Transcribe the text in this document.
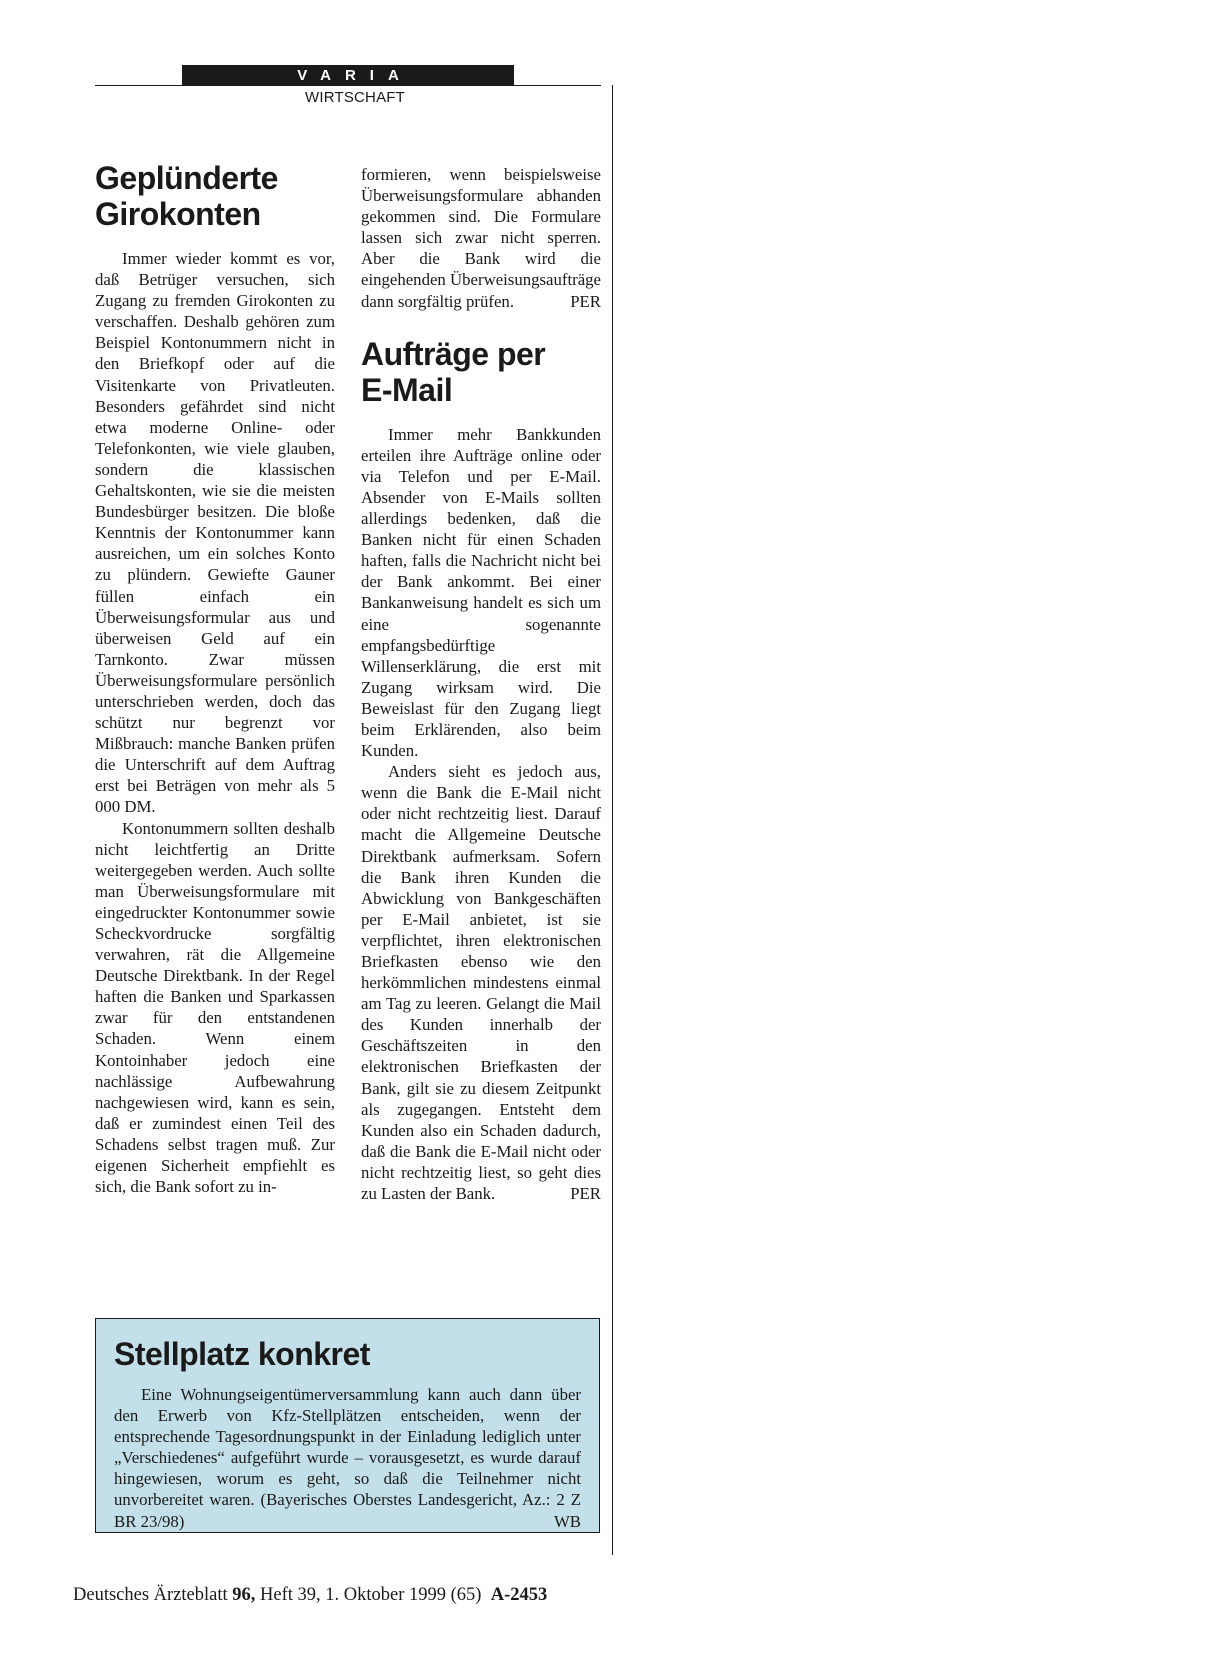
VARIA
WIRTSCHAFT
Geplünderte
Girokonten

Immer wieder kommt es vor, daß Betrüger versuchen, sich Zugang zu fremden Girokonten zu verschaffen. Deshalb gehören zum Beispiel Kontonummern nicht in den Briefkopf oder auf die Visitenkarte von Privatleuten. Besonders gefährdet sind nicht etwa moderne Online- oder Telefonkonten, wie viele glauben, sondern die klassischen Gehaltskonten, wie sie die meisten Bundesbürger besitzen. Die bloße Kenntnis der Kontonummer kann ausreichen, um ein solches Konto zu plündern. Gewiefte Gauner füllen einfach ein Überweisungsformular aus und überweisen Geld auf ein Tarnkonto. Zwar müssen Überweisungsformulare persönlich unterschrieben werden, doch das schützt nur begrenzt vor Mißbrauch: manche Banken prüfen die Unterschrift auf dem Auftrag erst bei Beträgen von mehr als 5 000 DM.

Kontonummern sollten deshalb nicht leichtfertig an Dritte weitergegeben werden. Auch sollte man Überweisungsformulare mit eingedruckter Kontonummer sowie Scheckvordrucke sorgfältig verwahren, rät die Allgemeine Deutsche Direktbank. In der Regel haften die Banken und Sparkassen zwar für den entstandenen Schaden. Wenn einem Kontoinhaber jedoch eine nachlässige Aufbewahrung nachgewiesen wird, kann es sein, daß er zumindest einen Teil des Schadens selbst tragen muß. Zur eigenen Sicherheit empfiehlt es sich, die Bank sofort zu in-

formieren, wenn beispielsweise Überweisungsformulare abhanden gekommen sind. Die Formulare lassen sich zwar nicht sperren. Aber die Bank wird die eingehenden Überweisungsaufträge dann sorgfältig prüfen.	PER

Aufträge per
E-Mail

Immer mehr Bankkunden erteilen ihre Aufträge online oder via Telefon und per E-Mail. Absender von E-Mails sollten allerdings bedenken, daß die Banken nicht für einen Schaden haften, falls die Nachricht nicht bei der Bank ankommt. Bei einer Bankanweisung handelt es sich um eine sogenannte empfangsbedürftige Willenserklärung, die erst mit Zugang wirksam wird. Die Beweislast für den Zugang liegt beim Erklärenden, also beim Kunden.

Anders sieht es jedoch aus, wenn die Bank die E-Mail nicht oder nicht rechtzeitig liest. Darauf macht die Allgemeine Deutsche Direktbank aufmerksam. Sofern die Bank ihren Kunden die Abwicklung von Bankgeschäften per E-Mail anbietet, ist sie verpflichtet, ihren elektronischen Briefkasten ebenso wie den herkömmlichen mindestens einmal am Tag zu leeren. Gelangt die Mail des Kunden innerhalb der Geschäftszeiten in den elektronischen Briefkasten der Bank, gilt sie zu diesem Zeitpunkt als zugegangen. Entsteht dem Kunden also ein Schaden dadurch, daß die Bank die E-Mail nicht oder nicht rechtzeitig liest, so geht dies zu Lasten der Bank.	PER

Stellplatz konkret

Eine Wohnungseigentümerversammlung kann auch dann über den Erwerb von Kfz-Stellplätzen entscheiden, wenn der entsprechende Tagesordnungspunkt in der Einladung lediglich unter „Verschiedenes“ aufgeführt wurde – vorausgesetzt, es wurde darauf hingewiesen, worum es geht, so daß die Teilnehmer nicht unvorbereitet waren. (Bayerisches Oberstes Landesgericht, Az.: 2 Z BR 23/98)	WB

Deutsches Ärzteblatt 96, Heft 39, 1. Oktober 1999 (65) A-2453
